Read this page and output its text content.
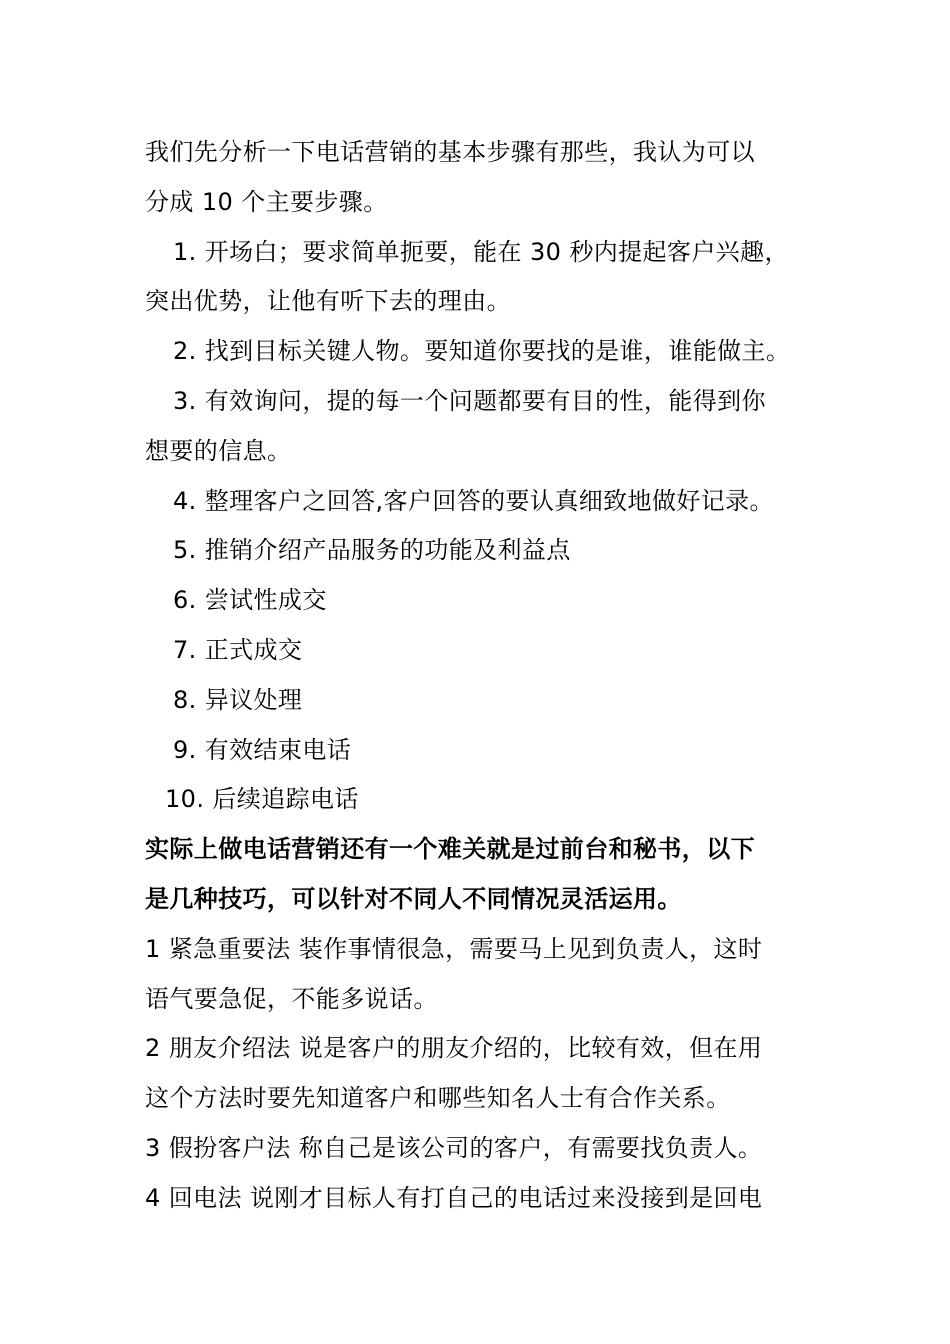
我们先分析一下电话营销的基本步骤有那些，我认为可以
分成 10 个主要步骤。
1. 开场白；要求简单扼要，能在 30 秒内提起客户兴趣，
突出优势，让他有听下去的理由。
2. 找到目标关键人物。要知道你要找的是谁，谁能做主。
3. 有效询问，提的每一个问题都要有目的性，能得到你
想要的信息。
4. 整理客户之回答,客户回答的要认真细致地做好记录。
5. 推销介绍产品服务的功能及利益点
6. 尝试性成交
7. 正式成交
8. 异议处理
9. 有效结束电话
10. 后续追踪电话
实际上做电话营销还有一个难关就是过前台和秘书，以下
是几种技巧，可以针对不同人不同情况灵活运用。
1 紧急重要法 装作事情很急，需要马上见到负责人，这时
语气要急促，不能多说话。
2 朋友介绍法 说是客户的朋友介绍的，比较有效，但在用
这个方法时要先知道客户和哪些知名人士有合作关系。
3 假扮客户法 称自己是该公司的客户，有需要找负责人。
4 回电法 说刚才目标人有打自己的电话过来没接到是回电
